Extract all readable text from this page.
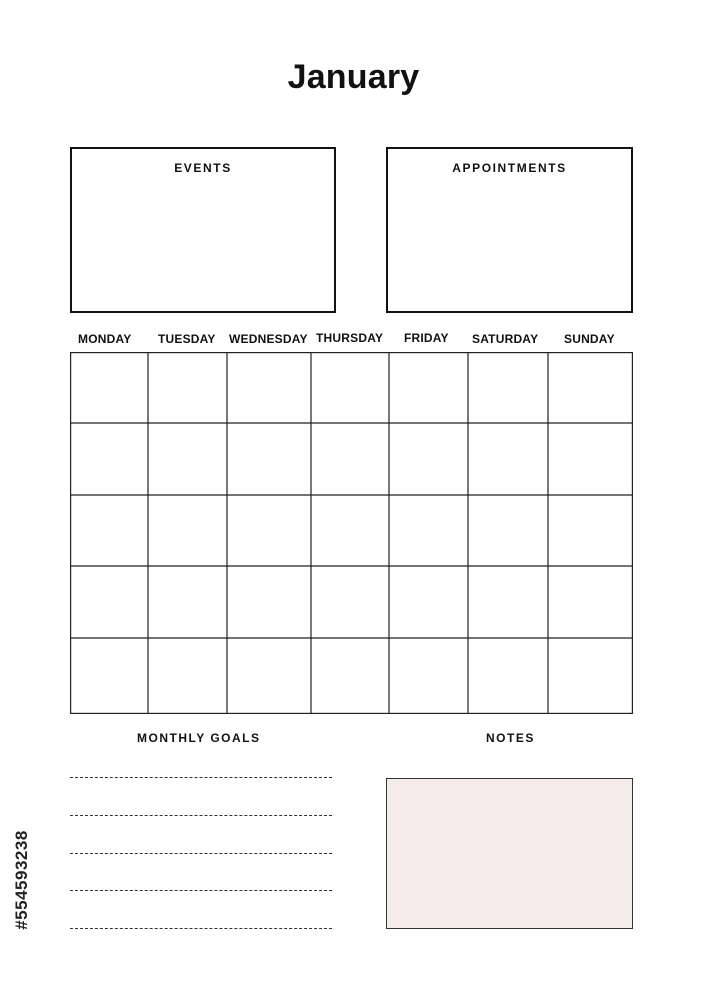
January
EVENTS	APPOINTMENTS
MONDAY TUESDAY WEDNESDAY THURSDAY FRIDAY SATURDAY SUNDAY
MONTHLY GOALS	NOTES
#554593238
